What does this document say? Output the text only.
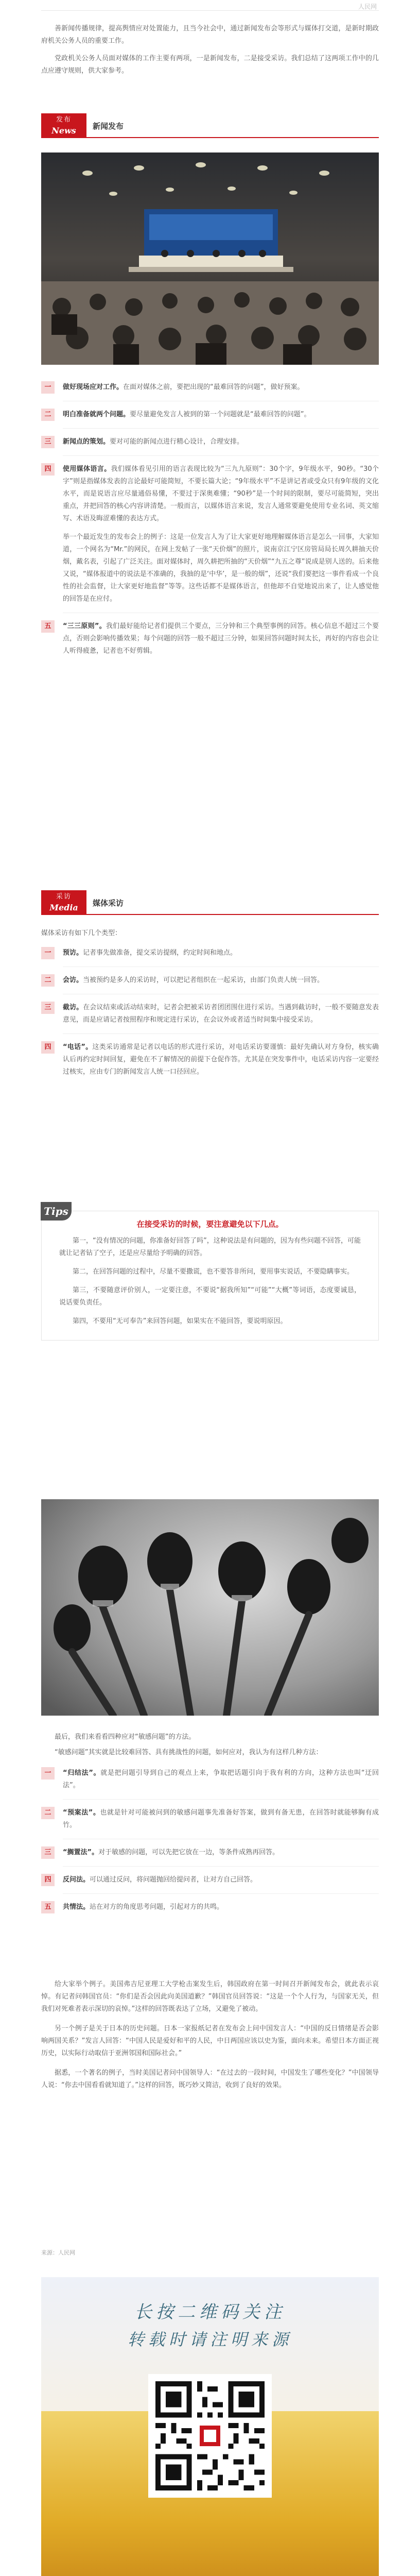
人民网

善新闻传播规律，提高舆情应对处置能力，且当今社会中，通过新闻发布会等形式与媒体打交道，是新时期政府机关公务人员的重要工作。

党政机关公务人员面对媒体的工作主要有两项，一是新闻发布，二是接受采访。我们总结了这两项工作中的几点应遵守规则，供大家参考。

发布
News	新闻发布
一	做好现场应对工作。在面对媒体之前，要把出现的“最难回答的问题”，做好预案。
二	明白准备就两个问题。要尽量避免发言人被到的第一个问题就是“最难回答的问题”。
三	新闻点的策划。要对可能的新闻点进行精心设计，合理安排。
四	使用媒体语言。我们媒体看见引用的语言表现比较为“三九九原则”：30个字，9年级水平，90秒。“30个字”则是指媒体发表的言论最好可能简短，不要长篇大论；“9年级水平”不是讲记者或受众只有9年级的文化水平，而是说语言应尽量通俗易懂，不要过于深奥难懂；“90秒”是一个时间的限制，要尽可能简短，突出重点，并把回答的核心内容讲清楚。一般而言，以媒体语言来说，发言人通常要避免使用专业名词、英文缩写、术语及晦涩难懂的表达方式。
举一个最近发生的发布会上的例子：这是一位发言人为了让大家更好地理解媒体语言是怎么一回事，大家知道，一个网名为“Mr.”的网民，在网上发帖了一张“天价烟”的照片，说南京江宁区房管局局长周久耕抽天价烟，戴名表，引起了广泛关注。面对媒体时，周久耕把所抽的“天价烟”“九五之尊”说成是别人送的。后来他又说，“媒体报道中的说法是不准确的，我抽的是‘中华’，是一般的烟”，还说“我们要把这一事件看成一个良性的社会监督，让大家更好地监督”等等。这些话都不是媒体语言，但他却不自觉地说出来了，让人感觉他的回答是在应付。
五	“三三原则”。我们最好能给记者们提供三个要点，三分钟和三个典型事例的回答。核心信息不超过三个要点，否则会影响传播效果；每个问题的回答一般不超过三分钟，如果回答问题时间太长，再好的内容也会让人听得疲惫，记者也不好剪辑。
采访
Media	媒体采访

媒体采访有如下几个类型：

一	预访。记者事先做准备，提交采访提纲，约定时间和地点。
二	会访。当被预约是多人的采访时，可以把记者组织在一起采访，由部门负责人统一回答。
三	截访。在会议结束或活动结束时，记者会把被采访者团团围住进行采访。当遇到截访时，一般不要随意发表意见，而是应请记者按照程序和规定进行采访，在会议外或者适当时间集中接受采访。
四	“电话”。这类采访通常是记者以电话的形式进行采访，对电话采访要谨慎：最好先确认对方身份，核实确认后再约定时间回复，避免在不了解情况的前提下仓促作答。尤其是在突发事件中，电话采访内容一定要经过核实，应由专门的新闻发言人统一口径回应。
Tips
在接受采访的时候，要注意避免以下几点。

第一，“没有情况的问题，你准备好回答了吗”，这种说法是有问题的，因为有些问题不回答，可能就让记者钻了空子，还是应尽量给予明确的回答。

第二，在回答问题的过程中，尽量不要撒谎，也不要答非所问，要用事实说话，不要隐瞒事实。

第三，不要随意评价别人，一定要注意，不要说“据我所知”“可能”“大概”等词语，态度要诚恳，说话要负责任。

第四，不要用“无可奉告”来回答问题，如果实在不能回答，要说明原因。

最后，我们来看看四种应对“敏感问题”的方法。

“敏感问题”其实就是比较难回答、具有挑战性的问题，如何应对，我认为有这样几种方法：

一	“归结法”。就是把问题引导到自己的观点上来，争取把话题引向于我有利的方向，这种方法也叫“迂回法”。
二	“预案法”。也就是针对可能被问到的敏感问题事先准备好答案，做到有备无患，在回答时就能够胸有成竹。
三	“搁置法”。对于敏感的问题，可以先把它放在一边，等条件成熟再回答。
四	反问法。可以通过反问，将问题抛回给提问者，让对方自己回答。
五	共情法。站在对方的角度思考问题，引起对方的共鸣。

给大家举个例子。美国弗吉尼亚理工大学枪击案发生后，韩国政府在第一时间召开新闻发布会，就此表示哀悼。有记者问韩国官员：“你们是否会因此向美国道歉？”韩国官员回答说：“这是一个个人行为，与国家无关，但我们对死难者表示深切的哀悼。”这样的回答既表达了立场，又避免了被动。

另一个例子是关于日本的历史问题。日本一家报纸记者在发布会上问中国发言人：“中国的反日情绪是否会影响两国关系？”发言人回答：“中国人民是爱好和平的人民，中日两国应该以史为鉴，面向未来。希望日本方面正视历史，以实际行动取信于亚洲邻国和国际社会。”

据悉，一个著名的例子，当时美国记者问中国领导人：“在过去的一段时间，中国发生了哪些变化？”中国领导人说：“你去中国看看就知道了。”这样的回答，既巧妙又简洁，收到了良好的效果。

来源：人民网
长按二维码关注
转载时请注明来源
